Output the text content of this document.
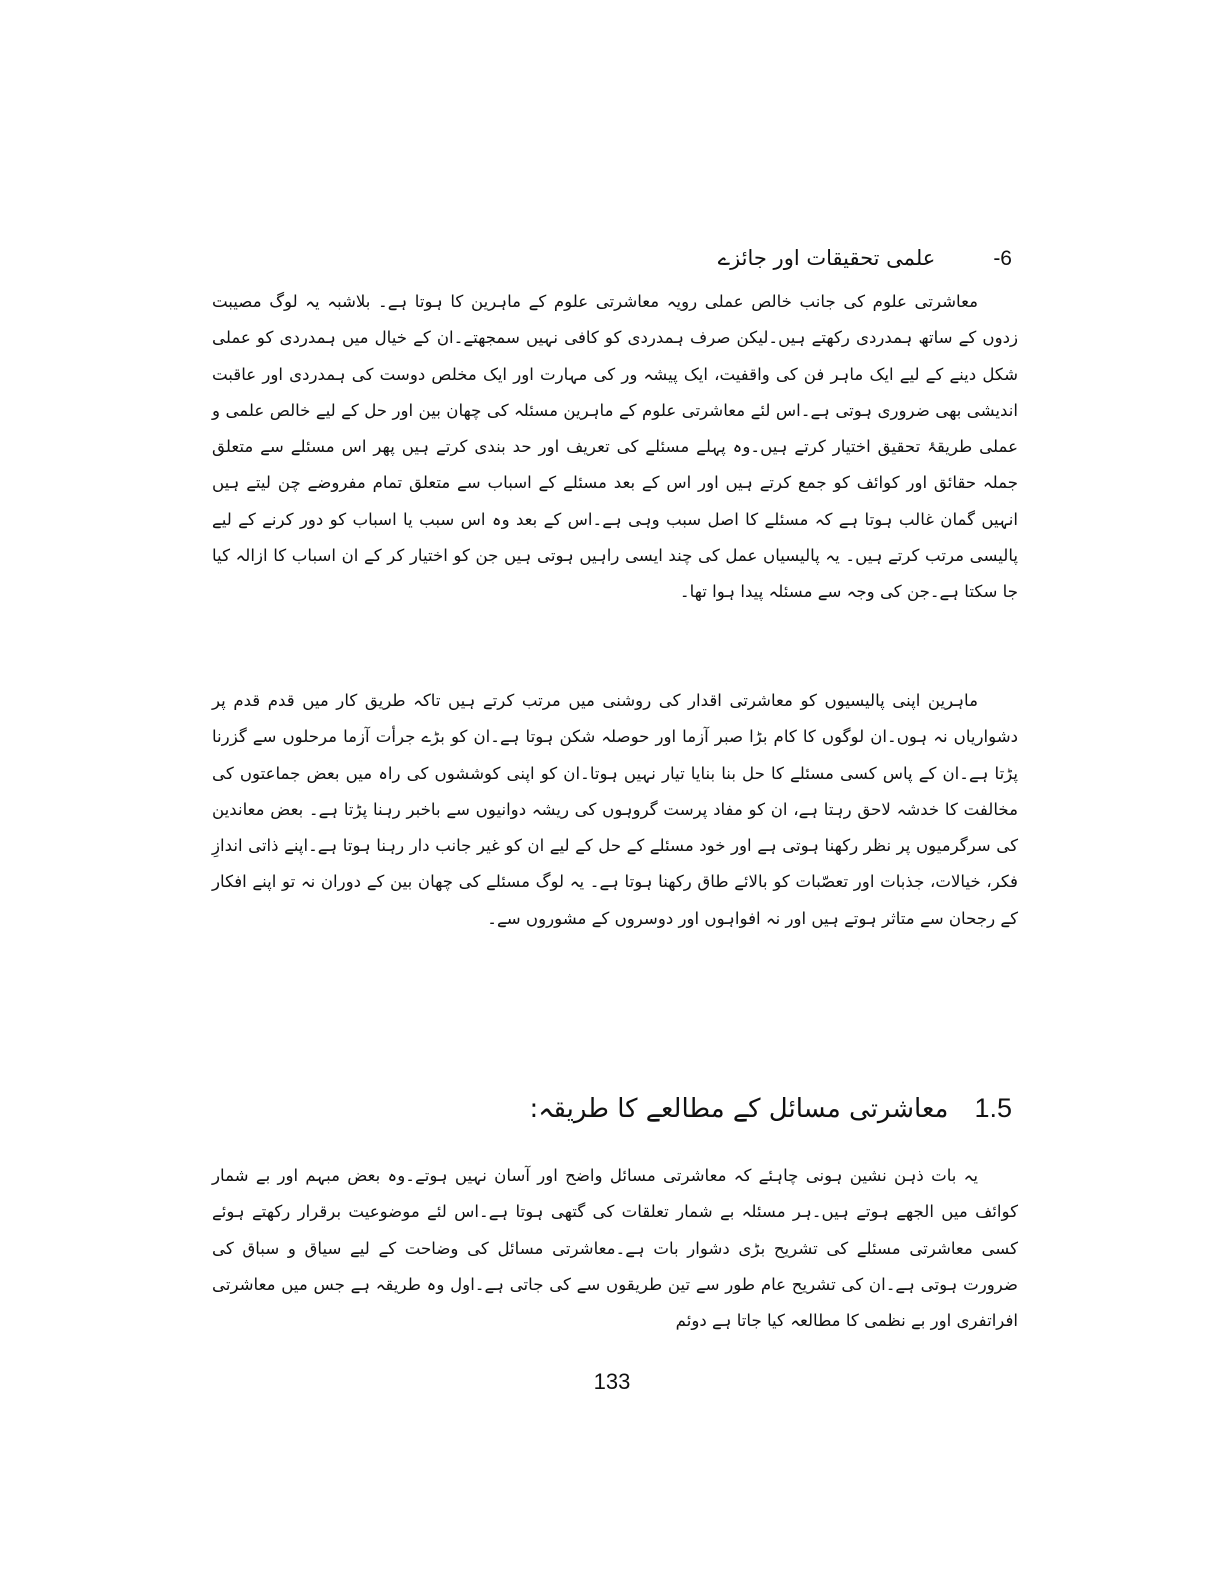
-6علمی تحقیقات اور جائزے

معاشرتی علوم کی جانب خالص عملی رویہ معاشرتی علوم کے ماہرین کا ہوتا ہے۔ بلاشبہ یہ لوگ مصیبت زدوں کے ساتھ ہمدردی رکھتے ہیں۔لیکن صرف ہمدردی کو کافی نہیں سمجھتے۔ان کے خیال میں ہمدردی کو عملی شکل دینے کے لیے ایک ماہر فن کی واقفیت، ایک پیشہ ور کی مہارت اور ایک مخلص دوست کی ہمدردی اور عاقبت اندیشی بھی ضروری ہوتی ہے۔اس لئے معاشرتی علوم کے ماہرین مسئلہ کی چھان بین اور حل کے لیے خالص علمی و عملی طریقۂ تحقیق اختیار کرتے ہیں۔وہ پہلے مسئلے کی تعریف اور حد بندی کرتے ہیں پھر اس مسئلے سے متعلق جملہ حقائق اور کوائف کو جمع کرتے ہیں اور اس کے بعد مسئلے کے اسباب سے متعلق تمام مفروضے چن لیتے ہیں انہیں گمان غالب ہوتا ہے کہ مسئلے کا اصل سبب وہی ہے۔اس کے بعد وہ اس سبب یا اسباب کو دور کرنے کے لیے پالیسی مرتب کرتے ہیں۔ یہ پالیسیاں عمل کی چند ایسی راہیں ہوتی ہیں جن کو اختیار کر کے ان اسباب کا ازالہ کیا جا سکتا ہے۔جن کی وجہ سے مسئلہ پیدا ہوا تھا۔

ماہرین اپنی پالیسیوں کو معاشرتی اقدار کی روشنی میں مرتب کرتے ہیں تاکہ طریق کار میں قدم قدم پر دشواریاں نہ ہوں۔ان لوگوں کا کام بڑا صبر آزما اور حوصلہ شکن ہوتا ہے۔ان کو بڑے جرأت آزما مرحلوں سے گزرنا پڑتا ہے۔ان کے پاس کسی مسئلے کا حل بنا بنایا تیار نہیں ہوتا۔ان کو اپنی کوششوں کی راہ میں بعض جماعتوں کی مخالفت کا خدشہ لاحق رہتا ہے، ان کو مفاد پرست گروہوں کی ریشہ دوانیوں سے باخبر رہنا پڑتا ہے۔ بعض معاندین کی سرگرمیوں پر نظر رکھنا ہوتی ہے اور خود مسئلے کے حل کے لیے ان کو غیر جانب دار رہنا ہوتا ہے۔اپنے ذاتی اندازِ فکر، خیالات، جذبات اور تعصّبات کو بالائے طاق رکھنا ہوتا ہے۔ یہ لوگ مسئلے کی چھان بین کے دوران نہ تو اپنے افکار کے رجحان سے متاثر ہوتے ہیں اور نہ افواہوں اور دوسروں کے مشوروں سے۔

1.5معاشرتی مسائل کے مطالعے کا طریقہ:

یہ بات ذہن نشین ہونی چاہئے کہ معاشرتی مسائل واضح اور آسان نہیں ہوتے۔وہ بعض مبہم اور بے شمار کوائف میں الجھے ہوتے ہیں۔ہر مسئلہ بے شمار تعلقات کی گتھی ہوتا ہے۔اس لئے موضوعیت برقرار رکھتے ہوئے کسی معاشرتی مسئلے کی تشریح بڑی دشوار بات ہے۔معاشرتی مسائل کی وضاحت کے لیے سیاق و سباق کی ضرورت ہوتی ہے۔ان کی تشریح عام طور سے تین طریقوں سے کی جاتی ہے۔اول وہ طریقہ ہے جس میں معاشرتی افراتفری اور بے نظمی کا مطالعہ کیا جاتا ہے دوئم

133
